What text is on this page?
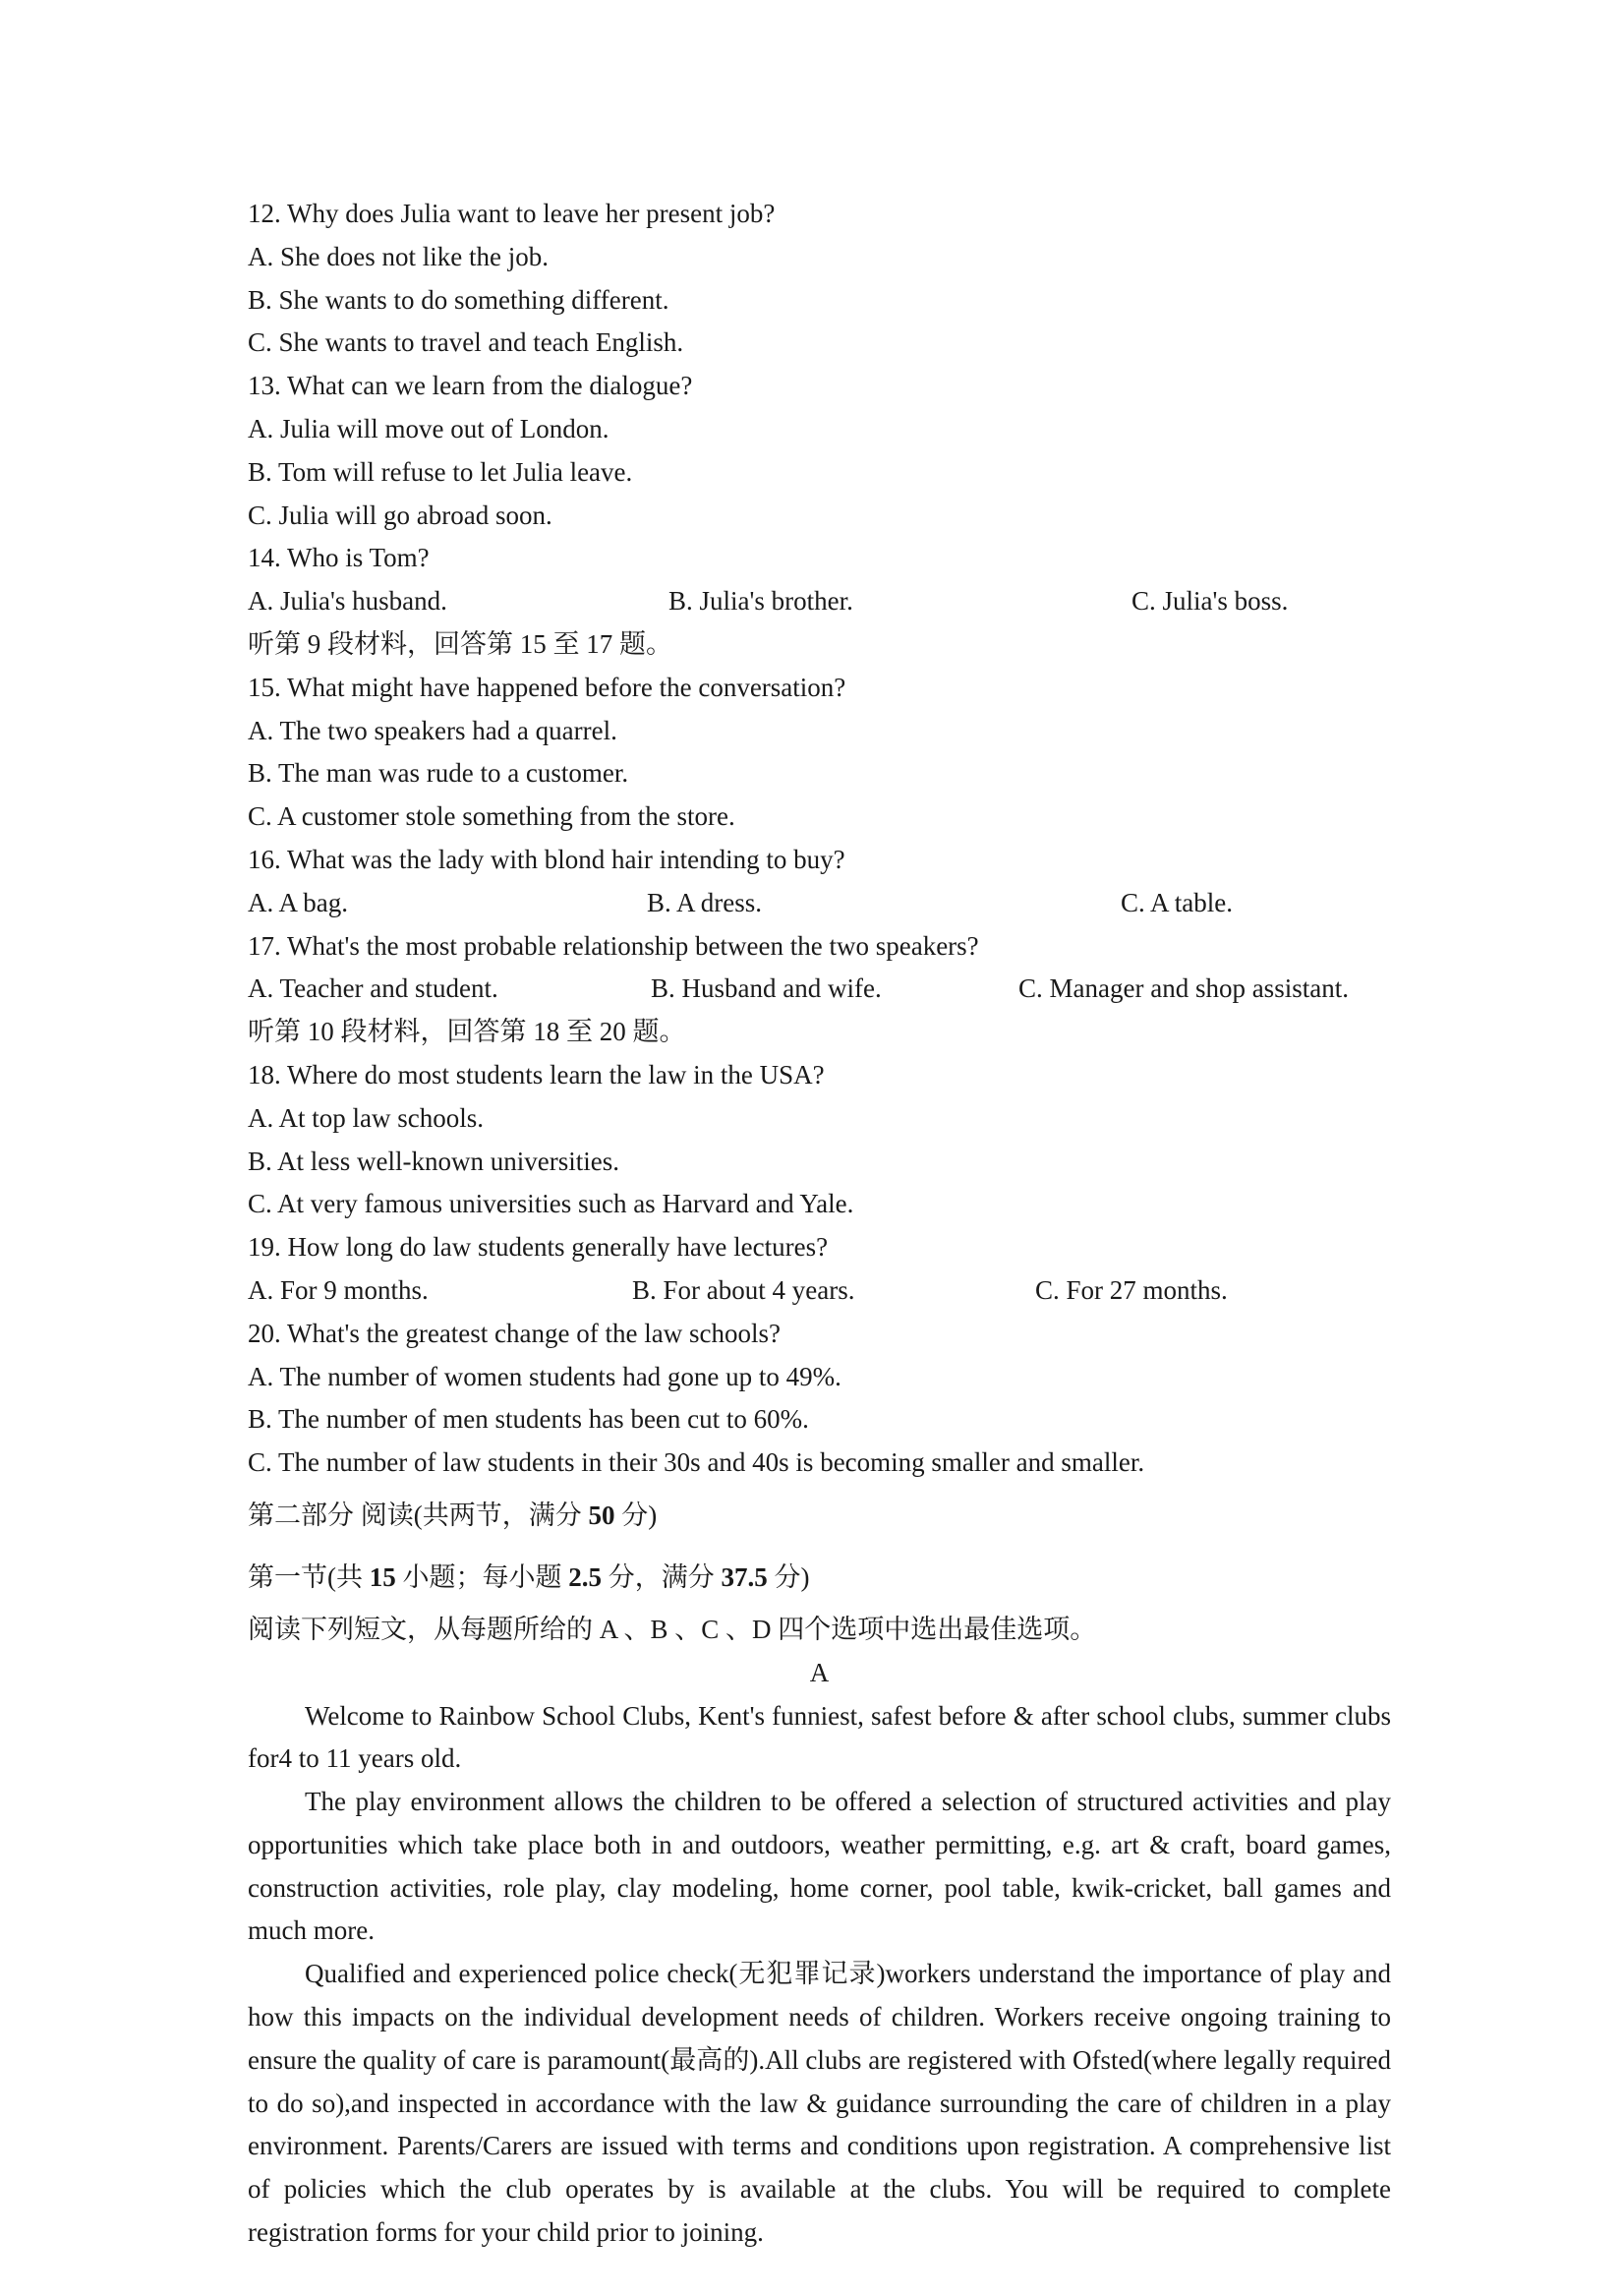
12. Why does Julia want to leave her present job?
A. She does not like the job.
B. She wants to do something different.
C. She wants to travel and teach English.
13. What can we learn from the dialogue?
A. Julia will move out of London.
B. Tom will refuse to let Julia leave.
C. Julia will go abroad soon.
14. Who is Tom?
A. Julia's husband.	B. Julia's brother.	C. Julia's boss.
听第 9 段材料，回答第 15 至 17 题。
15. What might have happened before the conversation?
A. The two speakers had a quarrel.
B. The man was rude to a customer.
C. A customer stole something from the store.
16. What was the lady with blond hair intending to buy?
A. A bag.	B. A dress.	C. A table.
17. What's the most probable relationship between the two speakers?
A. Teacher and student.	B. Husband and wife.	C. Manager and shop assistant.
听第 10 段材料，回答第 18 至 20 题。
18. Where do most students learn the law in the USA?
A. At top law schools.
B. At less well-known universities.
C. At very famous universities such as Harvard and Yale.
19. How long do law students generally have lectures?
A. For 9 months.	B. For about 4 years.	C. For 27 months.
20. What's the greatest change of the law schools?
A. The number of women students had gone up to 49%.
B. The number of men students has been cut to 60%.
C. The number of law students in their 30s and 40s is becoming smaller and smaller.
第二部分 阅读(共两节，满分 50 分)
第一节(共 15 小题；每小题 2.5 分，满分 37.5 分)
阅读下列短文，从每题所给的 A 、B 、C 、D 四个选项中选出最佳选项。
A

Welcome to Rainbow School Clubs, Kent's funniest, safest before & after school clubs, summer clubs for4 to 11 years old.

The play environment allows the children to be offered a selection of structured activities and play opportunities which take place both in and outdoors, weather permitting, e.g. art & craft, board games, construction activities, role play, clay modeling, home corner, pool table, kwik-cricket, ball games and much more.

Qualified and experienced police check(无犯罪记录)workers understand the importance of play and how this impacts on the individual development needs of children. Workers receive ongoing training to ensure the quality of care is paramount(最高的).All clubs are registered with Ofsted(where legally required to do so),and inspected in accordance with the law & guidance surrounding the care of children in a play environment. Parents/Carers are issued with terms and conditions upon registration. A comprehensive list of policies which the club operates by is available at the clubs. You will be required to complete registration forms for your child prior to joining.
